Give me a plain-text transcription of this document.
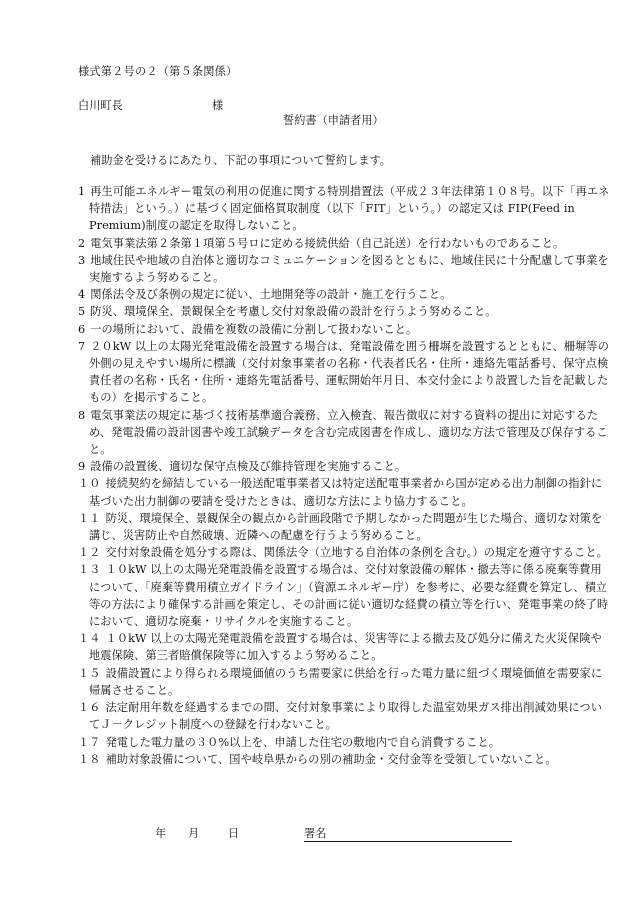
様式第２号の２（第５条関係）
白川町長	様
誓約書（申請者用）
補助金を受けるにあたり、下記の事項について誓約します。
1 再生可能エネルギー電気の利用の促進に関する特別措置法（平成２３年法律第１０８号。以下「再エネ特措法」という。）に基づく固定価格買取制度（以下「FIT」という。）の認定又は FIP(Feed in Premium)制度の認定を取得しないこと。
2 電気事業法第２条第１項第５号ロに定める接続供給（自己託送）を行わないものであること。
3 地域住民や地域の自治体と適切なコミュニケーションを図るとともに、地域住民に十分配慮して事業を実施するよう努めること。
4 関係法令及び条例の規定に従い、土地開発等の設計・施工を行うこと。
5 防災、環境保全、景観保全を考慮し交付対象設備の設計を行うよう努めること。
6 一の場所において、設備を複数の設備に分割して扱わないこと。
7 ２０kW 以上の太陽光発電設備を設置する場合は、発電設備を囲う柵塀を設置するとともに、柵塀等の外側の見えやすい場所に標識（交付対象事業者の名称・代表者氏名・住所・連絡先電話番号、保守点検責任者の名称・氏名・住所・連絡先電話番号、運転開始年月日、本交付金により設置した旨を記載したもの）を掲示すること。
8 電気事業法の規定に基づく技術基準適合義務、立入検査、報告徴収に対する資料の提出に対応するため、発電設備の設計図書や竣工試験データを含む完成図書を作成し、適切な方法で管理及び保存すること。
9 設備の設置後、適切な保守点検及び維持管理を実施すること。
１０ 接続契約を締結している一般送配電事業者又は特定送配電事業者から国が定める出力制御の指針に基づいた出力制御の要請を受けたときは、適切な方法により協力すること。
１１ 防災、環境保全、景観保全の観点から計画段階で予期しなかった問題が生じた場合、適切な対策を講じ、災害防止や自然破壊、近隣への配慮を行うよう努めること。
１２ 交付対象設備を処分する際は、関係法令（立地する自治体の条例を含む。）の規定を遵守すること。
１３ １０kW 以上の太陽光発電設備を設置する場合は、交付対象設備の解体・撤去等に係る廃棄等費用について、「廃棄等費用積立ガイドライン」（資源エネルギー庁）を参考に、必要な経費を算定し、積立等の方法により確保する計画を策定し、その計画に従い適切な経費の積立等を行い、発電事業の終了時において、適切な廃棄・リサイクルを実施すること。
１４ １０kW 以上の太陽光発電設備を設置する場合は、災害等による撤去及び処分に備えた火災保険や地震保険、第三者賠償保険等に加入するよう努めること。
１５ 設備設置により得られる環境価値のうち需要家に供給を行った電力量に紐づく環境価値を需要家に帰属させること。
１６ 法定耐用年数を経過するまでの間、交付対象事業により取得した温室効果ガス排出削減効果についてＪ－クレジット制度への登録を行わないこと。
１７ 発電した電力量の３０%以上を、申請した住宅の敷地内で自ら消費すること。
１８ 補助対象設備について、国や岐阜県からの別の補助金・交付金等を受領していないこと。
年 月	日	署名
